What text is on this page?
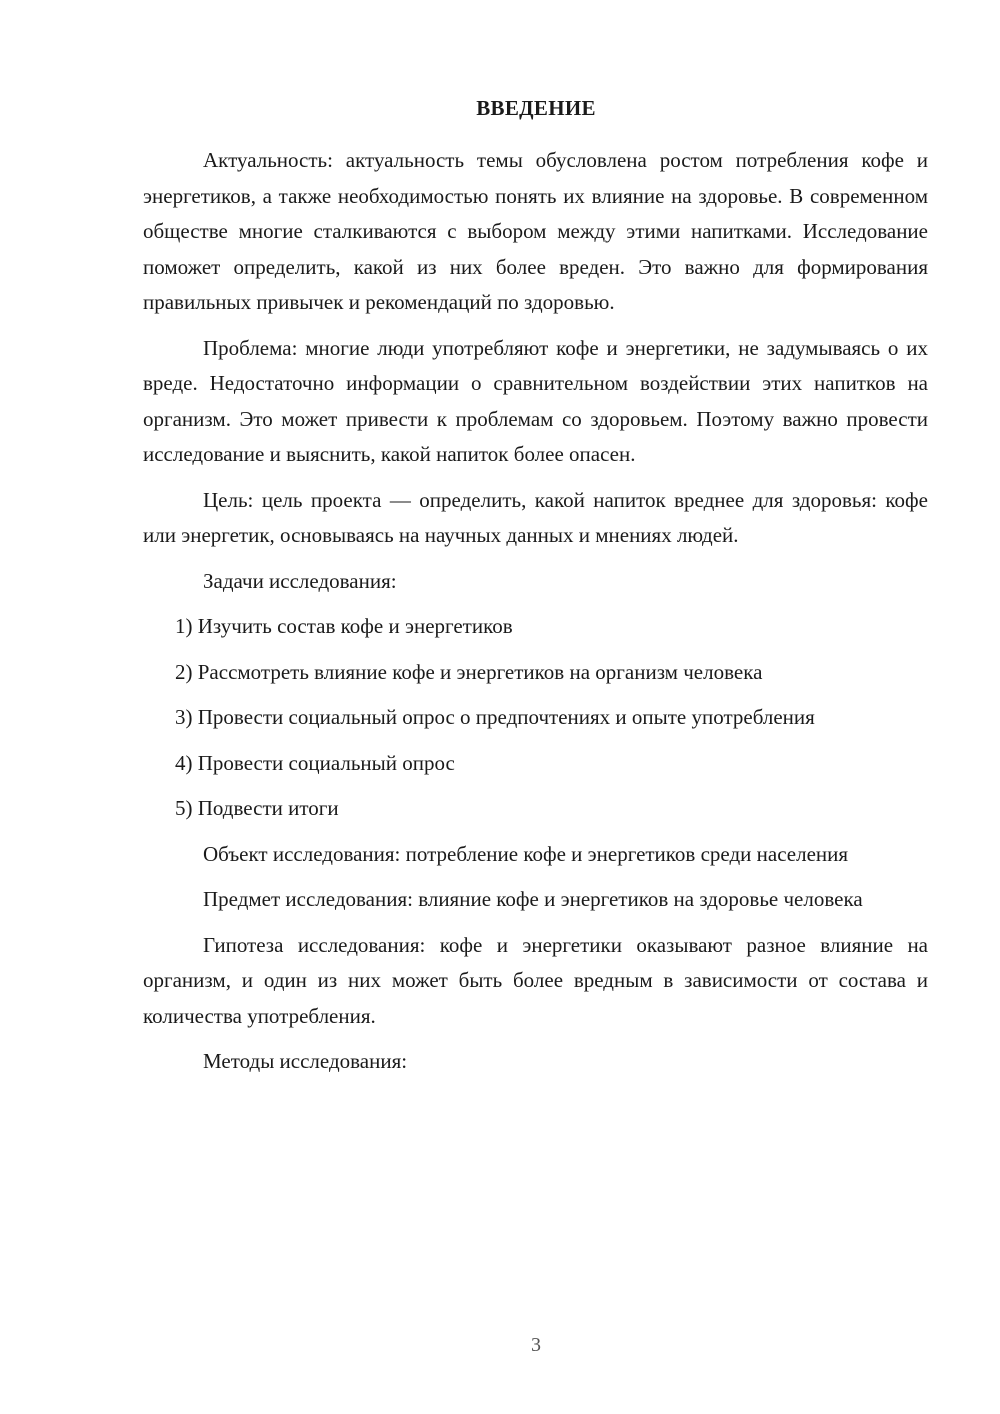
ВВЕДЕНИЕ

Актуальность: актуальность темы обусловлена ростом потребления кофе и энергетиков, а также необходимостью понять их влияние на здоровье. В современном обществе многие сталкиваются с выбором между этими напитками. Исследование поможет определить, какой из них более вреден. Это важно для формирования правильных привычек и рекомендаций по здоровью.

Проблема: многие люди употребляют кофе и энергетики, не задумываясь о их вреде. Недостаточно информации о сравнительном воздействии этих напитков на организм. Это может привести к проблемам со здоровьем. Поэтому важно провести исследование и выяснить, какой напиток более опасен.

Цель: цель проекта — определить, какой напиток вреднее для здоровья: кофе или энергетик, основываясь на научных данных и мнениях людей.

Задачи исследования:

1) Изучить состав кофе и энергетиков

2) Рассмотреть влияние кофе и энергетиков на организм человека

3) Провести социальный опрос о предпочтениях и опыте употребления

4) Провести социальный опрос

5) Подвести итоги

Объект исследования: потребление кофе и энергетиков среди населения

Предмет исследования: влияние кофе и энергетиков на здоровье человека

Гипотеза исследования: кофе и энергетики оказывают разное влияние на организм, и один из них может быть более вредным в зависимости от состава и количества употребления.

Методы исследования:

3
